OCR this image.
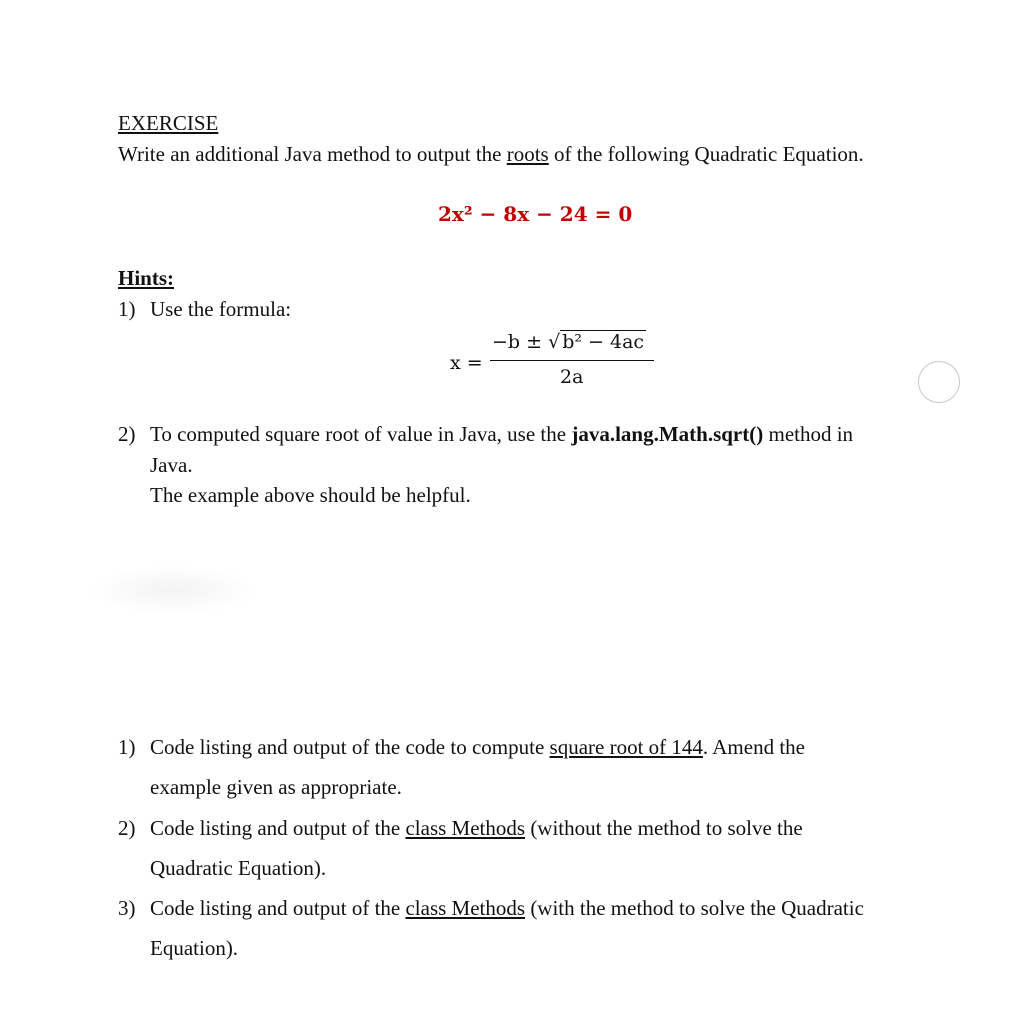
EXERCISE
Write an additional Java method to output the roots of the following Quadratic Equation.
2x² − 8x − 24 = 0
Hints:
1) Use the formula:
x =
−b ± √ b² − 4ac
2a
2) To computed square root of value in Java, use the java.lang.Math.sqrt() method in
Java.
The example above should be helpful.
1) Code listing and output of the code to compute square root of 144. Amend the
example given as appropriate.
2) Code listing and output of the class Methods (without the method to solve the
Quadratic Equation).
3) Code listing and output of the class Methods (with the method to solve the Quadratic
Equation).
